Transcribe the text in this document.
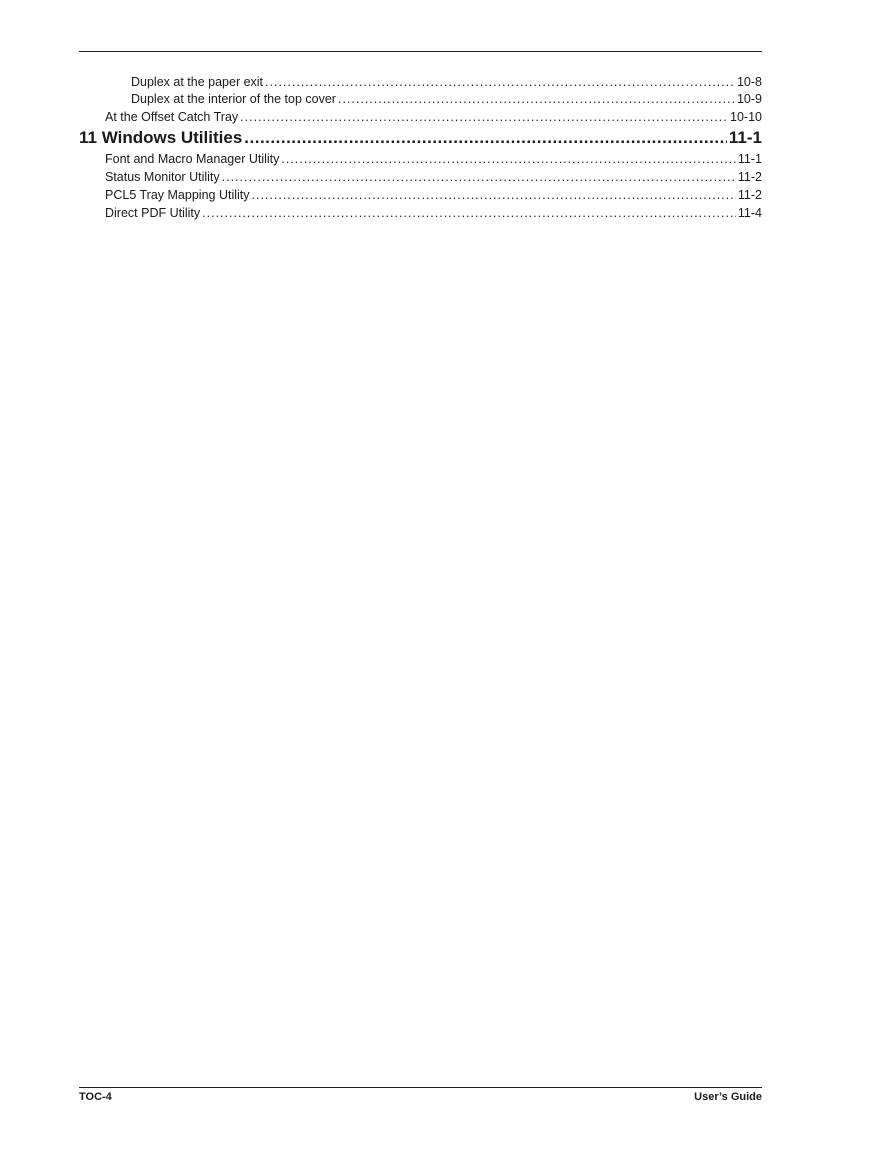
Duplex at the paper exit .....	10-8
Duplex at the interior of the top cover .....	10-9
At the Offset Catch Tray .....	10-10
11 Windows Utilities .....	11-1
Font and Macro Manager Utility .....	11-1
Status Monitor Utility .....	11-2
PCL5 Tray Mapping Utility .....	11-2
Direct PDF Utility .....	11-4
TOC-4	User’s Guide
